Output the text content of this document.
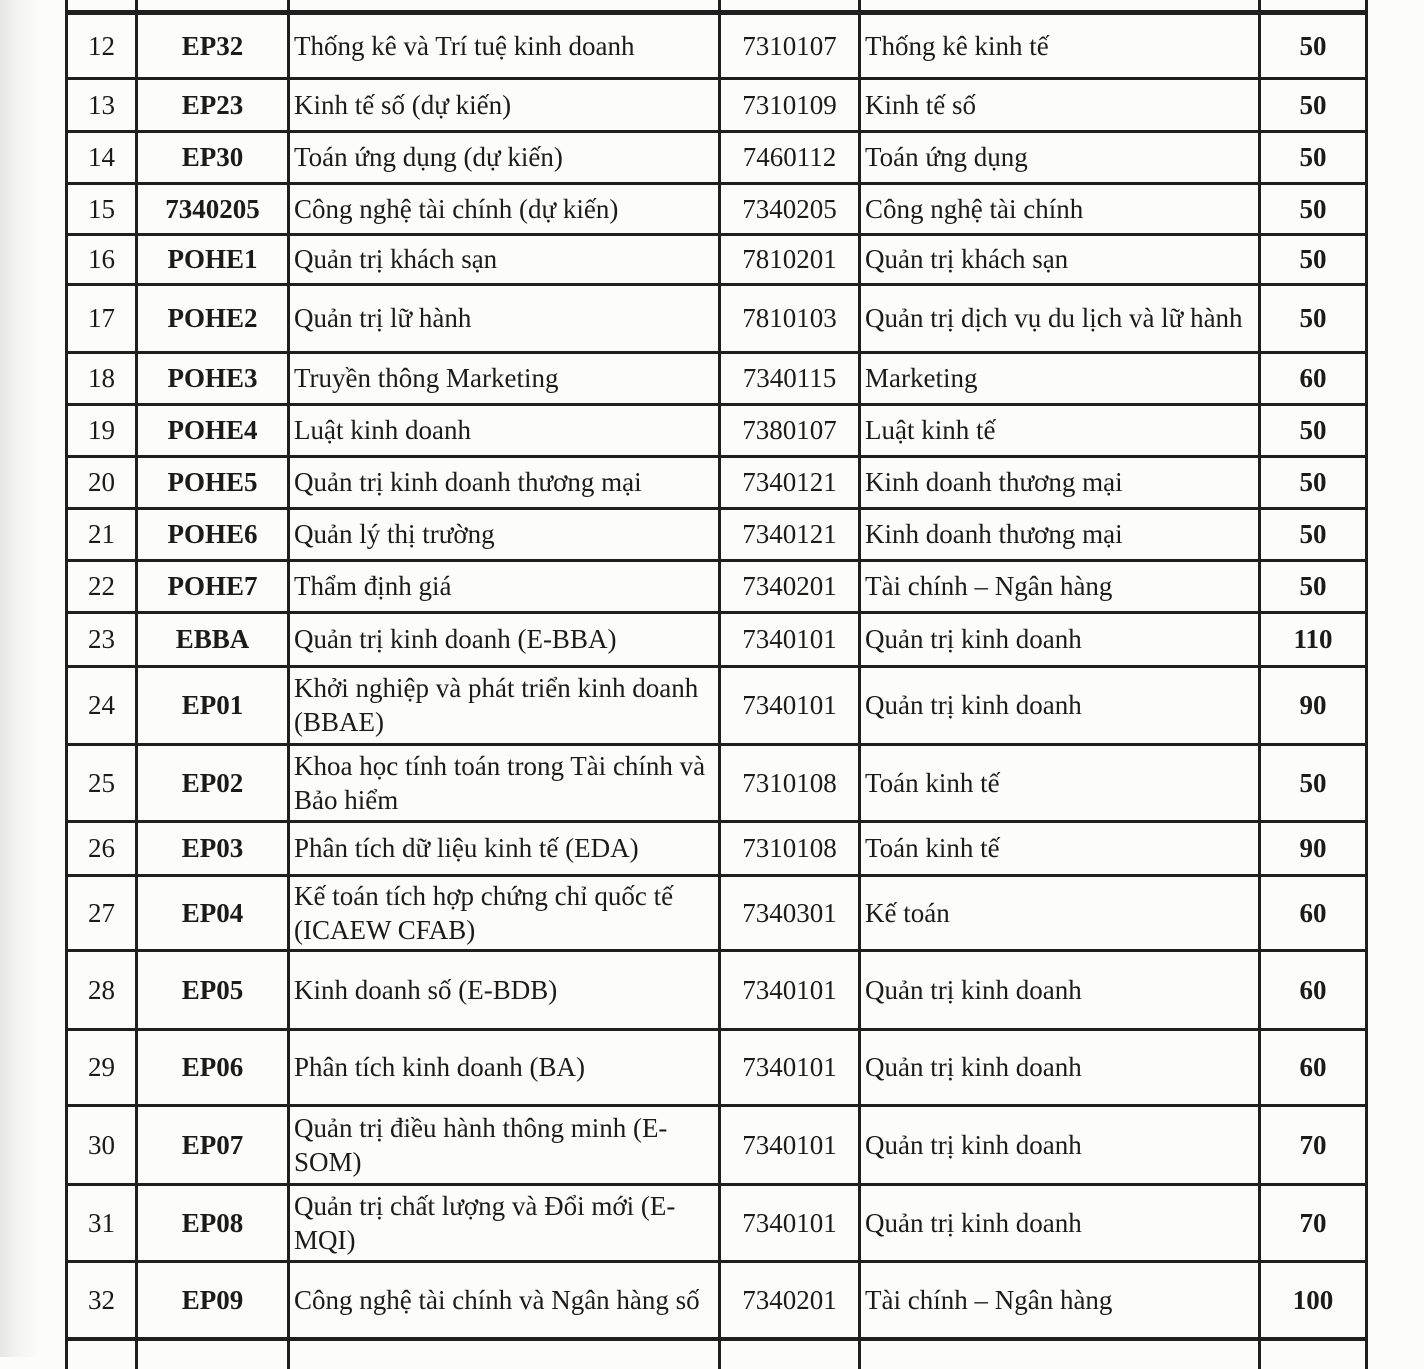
12	EP32	Thống kê và Trí tuệ kinh doanh	7310107	Thống kê kinh tế	50
13	EP23	Kinh tế số (dự kiến)	7310109	Kinh tế số	50
14	EP30	Toán ứng dụng (dự kiến)	7460112	Toán ứng dụng	50
15	7340205	Công nghệ tài chính (dự kiến)	7340205	Công nghệ tài chính	50
16	POHE1	Quản trị khách sạn	7810201	Quản trị khách sạn	50
17	POHE2	Quản trị lữ hành	7810103	Quản trị dịch vụ du lịch và lữ hành	50
18	POHE3	Truyền thông Marketing	7340115	Marketing	60
19	POHE4	Luật kinh doanh	7380107	Luật kinh tế	50
20	POHE5	Quản trị kinh doanh thương mại	7340121	Kinh doanh thương mại	50
21	POHE6	Quản lý thị trường	7340121	Kinh doanh thương mại	50
22	POHE7	Thẩm định giá	7340201	Tài chính – Ngân hàng	50
23	EBBA	Quản trị kinh doanh (E-BBA)	7340101	Quản trị kinh doanh	110
24	EP01	Khởi nghiệp và phát triển kinh doanh (BBAE)	7340101	Quản trị kinh doanh	90
25	EP02	Khoa học tính toán trong Tài chính và Bảo hiểm	7310108	Toán kinh tế	50
26	EP03	Phân tích dữ liệu kinh tế (EDA)	7310108	Toán kinh tế	90
27	EP04	Kế toán tích hợp chứng chỉ quốc tế (ICAEW CFAB)	7340301	Kế toán	60
28	EP05	Kinh doanh số (E-BDB)	7340101	Quản trị kinh doanh	60
29	EP06	Phân tích kinh doanh (BA)	7340101	Quản trị kinh doanh	60
30	EP07	Quản trị điều hành thông minh (E-SOM)	7340101	Quản trị kinh doanh	70
31	EP08	Quản trị chất lượng và Đổi mới (E-MQI)	7340101	Quản trị kinh doanh	70
32	EP09	Công nghệ tài chính và Ngân hàng số	7340201	Tài chính – Ngân hàng	100
